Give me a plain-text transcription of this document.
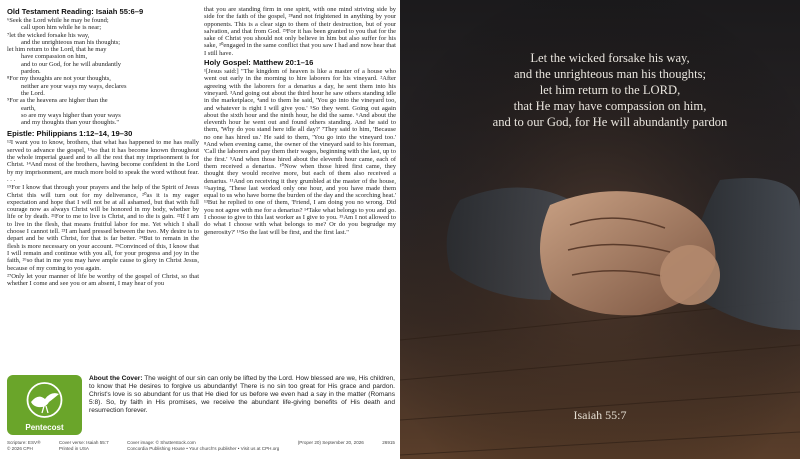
Old Testament Reading: Isaiah 55:6–9

⁶Seek the Lord while he may be found;

call upon him while he is near;

⁷let the wicked forsake his way,

and the unrighteous man his thoughts;

let him return to the Lord, that he may

have compassion on him,

and to our God, for he will abundantly

pardon.

⁸For my thoughts are not your thoughts,

neither are your ways my ways, declares

the Lord.

⁹For as the heavens are higher than the

earth,

so are my ways higher than your ways

and my thoughts than your thoughts."

Epistle: Philippians 1:12–14, 19–30

¹²I want you to know, brothers, that what has happened to me has really served to advance the gospel, ¹³so that it has become known throughout the whole imperial guard and to all the rest that my imprisonment is for Christ. ¹⁴And most of the brothers, having become confident in the Lord by my imprisonment, are much more bold to speak the word without fear. . . .

¹⁹For I know that through your prayers and the help of the Spirit of Jesus Christ this will turn out for my deliverance, ²⁰as it is my eager expectation and hope that I will not be at all ashamed, but that with full courage now as always Christ will be honored in my body, whether by life or by death. ²¹For to me to live is Christ, and to die is gain. ²²If I am to live in the flesh, that means fruitful labor for me. Yet which I shall choose I cannot tell. ²³I am hard pressed between the two. My desire is to depart and be with Christ, for that is far better. ²⁴But to remain in the flesh is more necessary on your account. ²⁵Convinced of this, I know that I will remain and continue with you all, for your progress and joy in the faith, ²⁶so that in me you may have ample cause to glory in Christ Jesus, because of my coming to you again.

²⁷Only let your manner of life be worthy of the gospel of Christ, so that whether I come and see you or am absent, I may hear of you

that you are standing firm in one spirit, with one mind striving side by side for the faith of the gospel, ²⁸and not frightened in anything by your opponents. This is a clear sign to them of their destruction, but of your salvation, and that from God. ²⁹For it has been granted to you that for the sake of Christ you should not only believe in him but also suffer for his sake, ³⁰engaged in the same conflict that you saw I had and now hear that I still have.

Holy Gospel: Matthew 20:1–16

¹[Jesus said:] "The kingdom of heaven is like a master of a house who went out early in the morning to hire laborers for his vineyard. ²After agreeing with the laborers for a denarius a day, he sent them into his vineyard. ³And going out about the third hour he saw others standing idle in the marketplace, ⁴and to them he said, 'You go into the vineyard too, and whatever is right I will give you.' ⁵So they went. Going out again about the sixth hour and the ninth hour, he did the same. ⁶And about the eleventh hour he went out and found others standing. And he said to them, 'Why do you stand here idle all day?' ⁷They said to him, 'Because no one has hired us.' He said to them, 'You go into the vineyard too.' ⁸And when evening came, the owner of the vineyard said to his foreman, 'Call the laborers and pay them their wages, beginning with the last, up to the first.' ⁹And when those hired about the eleventh hour came, each of them received a denarius. ¹⁰Now when those hired first came, they thought they would receive more, but each of them also received a denarius. ¹¹And on receiving it they grumbled at the master of the house, ¹²saying, 'These last worked only one hour, and you have made them equal to us who have borne the burden of the day and the scorching heat.' ¹³But he replied to one of them, 'Friend, I am doing you no wrong. Did you not agree with me for a denarius? ¹⁴Take what belongs to you and go. I choose to give to this last worker as I give to you. ¹⁵Am I not allowed to do what I choose with what belongs to me? Or do you begrudge my generosity?' ¹⁶So the last will be first, and the first last."

Pentecost
About the Cover: The weight of our sin can only be lifted by the Lord. How blessed are we, His children, to know that He desires to forgive us abundantly! There is no sin too great for His grace and pardon. Christ's love is so abundant for us that He died for us before we even had a say in the matter (Romans 5:8). So, by faith in His promises, we receive the abundant life-giving benefits of His death and resurrection forever.
Scripture: ESV®
© 2026 CPH
Cover verse: Isaiah 55:7
Printed in USA
Cover image: © Shutterstock.com
Concordia Publishing House • Your church's publisher • Visit us at CPH.org
(Proper 20) September 20, 2026	26915
Let the wicked forsake his way,
and the unrighteous man his thoughts;
let him return to the LORD,
that He may have compassion on him,
and to our God, for He will abundantly pardon
Isaiah 55:7
